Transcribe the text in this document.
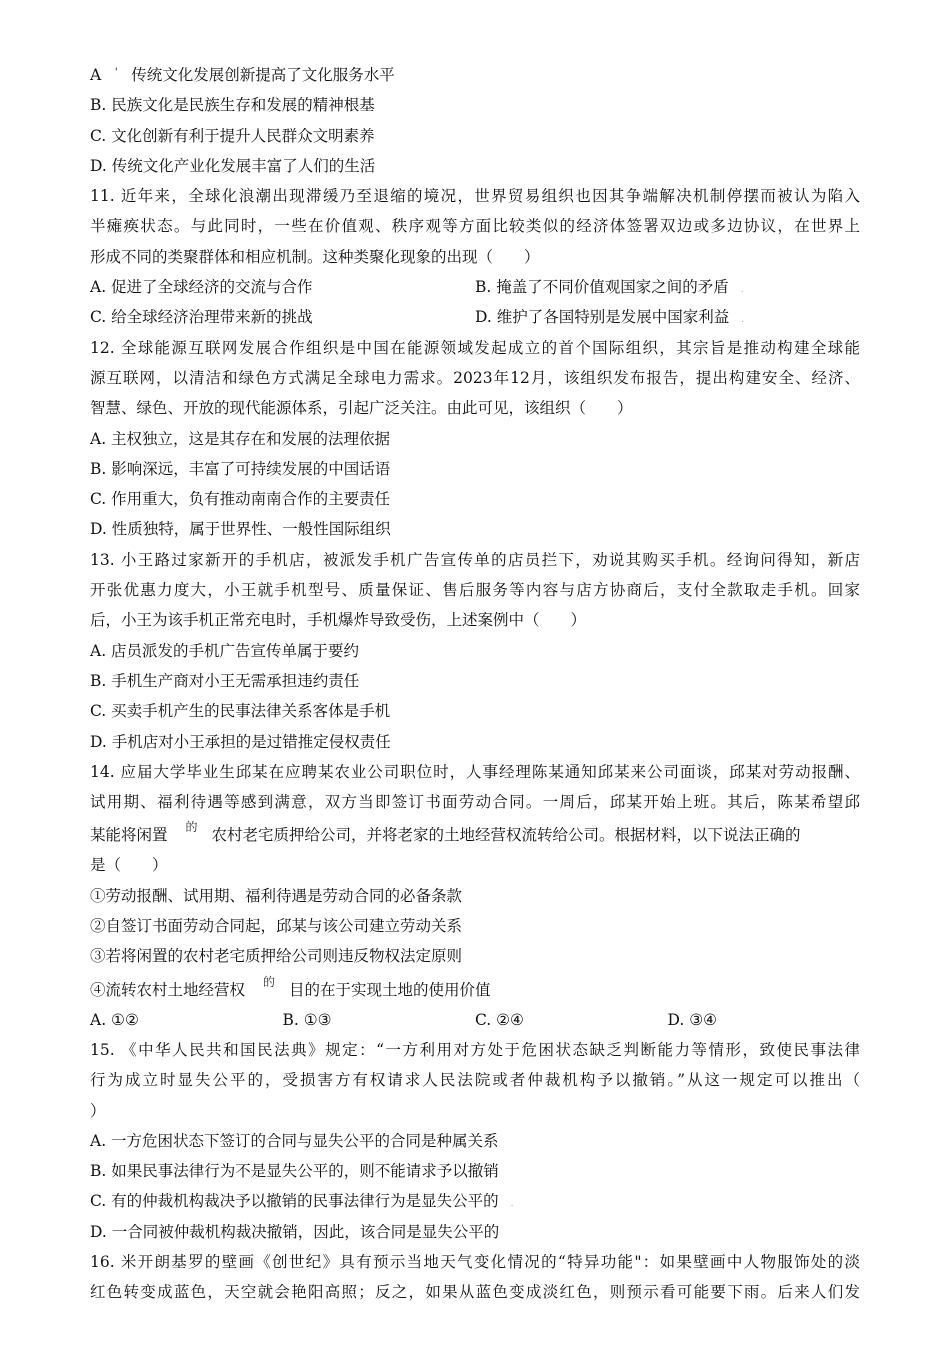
A ' 传统文化发展创新提高了文化服务水平
B. 民族文化是民族生存和发展的精神根基
C. 文化创新有利于提升人民群众文明素养
D. 传统文化产业化发展丰富了人们的生活
11. 近年来，全球化浪潮出现滞缓乃至退缩的境况，世界贸易组织也因其争端解决机制停摆而被认为陷入
半瘫痪状态。与此同时，一些在价值观、秩序观等方面比较类似的经济体签署双边或多边协议，在世界上
形成不同的类聚群体和相应机制。这种类聚化现象的出现（　　）
A. 促进了全球经济的交流与合作	B. 掩盖了不同价值观国家之间的矛盾 .
C. 给全球经济治理带来新的挑战	D. 维护了各国特别是发展中国家利益 .
12. 全球能源互联网发展合作组织是中国在能源领域发起成立的首个国际组织，其宗旨是推动构建全球能
源互联网，以清洁和绿色方式满足全球电力需求。2023年12月，该组织发布报告，提出构建安全、经济、
智慧、绿色、开放的现代能源体系，引起广泛关注。由此可见，该组织（　　）
A. 主权独立，这是其存在和发展的法理依据
B. 影响深远，丰富了可持续发展的中国话语
C. 作用重大，负有推动南南合作的主要责任
D. 性质独特，属于世界性、一般性国际组织
13. 小王路过家新开的手机店，被派发手机广告宣传单的店员拦下，劝说其购买手机。经询问得知，新店
开张优惠力度大，小王就手机型号、质量保证、售后服务等内容与店方协商后，支付全款取走手机。回家
后，小王为该手机正常充电时，手机爆炸导致受伤，上述案例中（　　）
A. 店员派发的手机广告宣传单属于要约
B. 手机生产商对小王无需承担违约责任
C. 买卖手机产生的民事法律关系客体是手机
D. 手机店对小王承担的是过错推定侵权责任
14. 应届大学毕业生邱某在应聘某农业公司职位时，人事经理陈某通知邱某来公司面谈，邱某对劳动报酬、
试用期、福利待遇等感到满意，双方当即签订书面劳动合同。一周后，邱某开始上班。其后，陈某希望邱
某能将闲置 $^的$ 农村老宅质押给公司，并将老家的土地经营权流转给公司。根据材料，以下说法正确的
是（　　）
①劳动报酬、试用期、福利待遇是劳动合同的必备条款
②自签订书面劳动合同起，邱某与该公司建立劳动关系
③若将闲置的农村老宅质押给公司则违反物权法定原则
④流转农村土地经营权 $^的$ 目的在于实现土地的使用价值
A. ①②	B. ①③	C. ②④	D. ③④
15. 《中华人民共和国民法典》规定：“一方利用对方处于危困状态缺乏判断能力等情形，致使民事法律
行为成立时显失公平的，受损害方有权请求人民法院或者仲裁机构予以撤销。”从这一规定可以推出（
）
A. 一方危困状态下签订的合同与显失公平的合同是种属关系
B. 如果民事法律行为不是显失公平的，则不能请求予以撤销
C. 有的仲裁机构裁决予以撤销的民事法律行为是显失公平的 .
D. 一合同被仲裁机构裁决撤销，因此，该合同是显失公平的
16. 米开朗基罗的壁画《创世纪》具有预示当地天气变化情况的“特异功能"：如果壁画中人物服饰处的淡
红色转变成蓝色，天空就会艳阳高照；反之，如果从蓝色变成淡红色，则预示看可能要下雨。后来人们发
